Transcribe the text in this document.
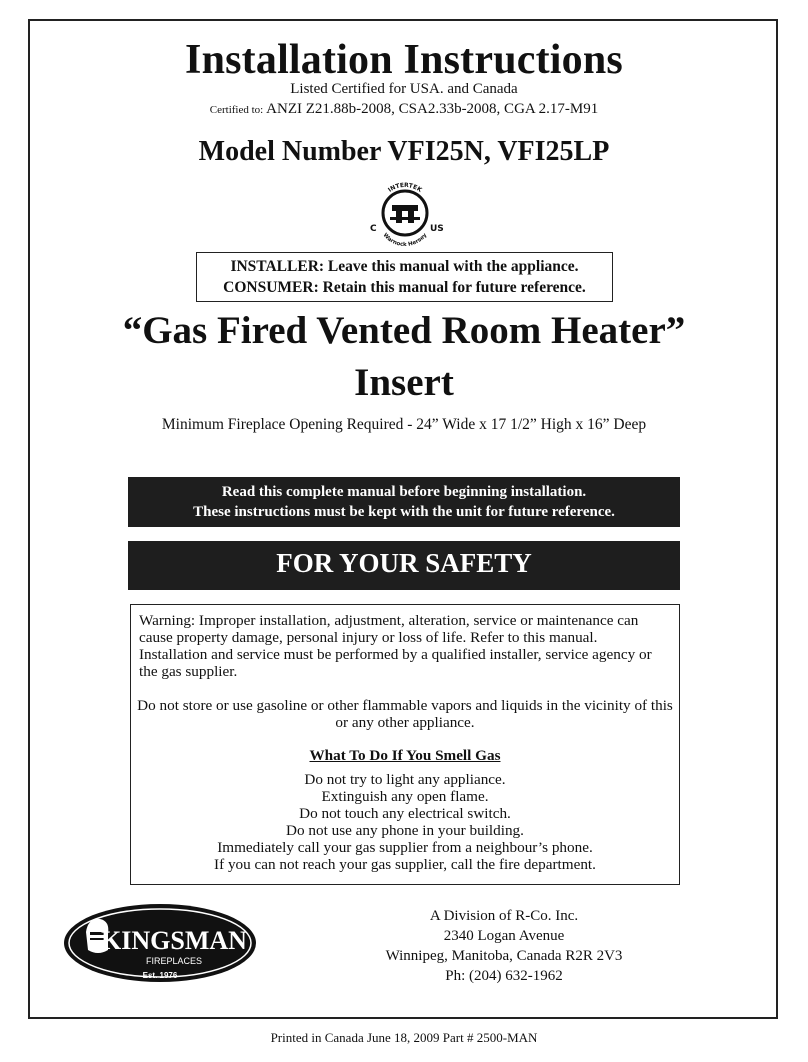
Installation Instructions
Listed Certified for USA. and Canada
Certified to: ANZI Z21.88b-2008, CSA2.33b-2008, CGA 2.17-M91
Model Number VFI25N, VFI25LP
INTERTEK
Warnock Hersey
C	US
INSTALLER: Leave this manual with the appliance.
CONSUMER: Retain this manual for future reference.
“Gas Fired Vented Room Heater”
Insert
Minimum Fireplace Opening Required - 24” Wide x 17 1/2” High x 16” Deep
Read this complete manual before beginning installation.
These instructions must be kept with the unit for future reference.
FOR YOUR SAFETY

Warning: Improper installation, adjustment, alteration, service or maintenance can cause property damage, personal injury or loss of life. Refer to this manual. Installation and service must be performed by a qualified installer, service agency or the gas supplier.

Do not store or use gasoline or other flammable vapors and liquids in the vicinity of this or any other appliance.

What To Do If You Smell Gas

Do not try to light any appliance.
Extinguish any open flame.
Do not touch any electrical switch.
Do not use any phone in your building.
Immediately call your gas supplier from a neighbour’s phone.
If you can not reach your gas supplier, call the fire department.
KINGSMAN
FIREPLACES
Est. 1976
A Division of R-Co. Inc.
2340 Logan Avenue
Winnipeg, Manitoba, Canada R2R 2V3
Ph: (204) 632-1962
Printed in Canada June 18, 2009 Part # 2500-MAN
